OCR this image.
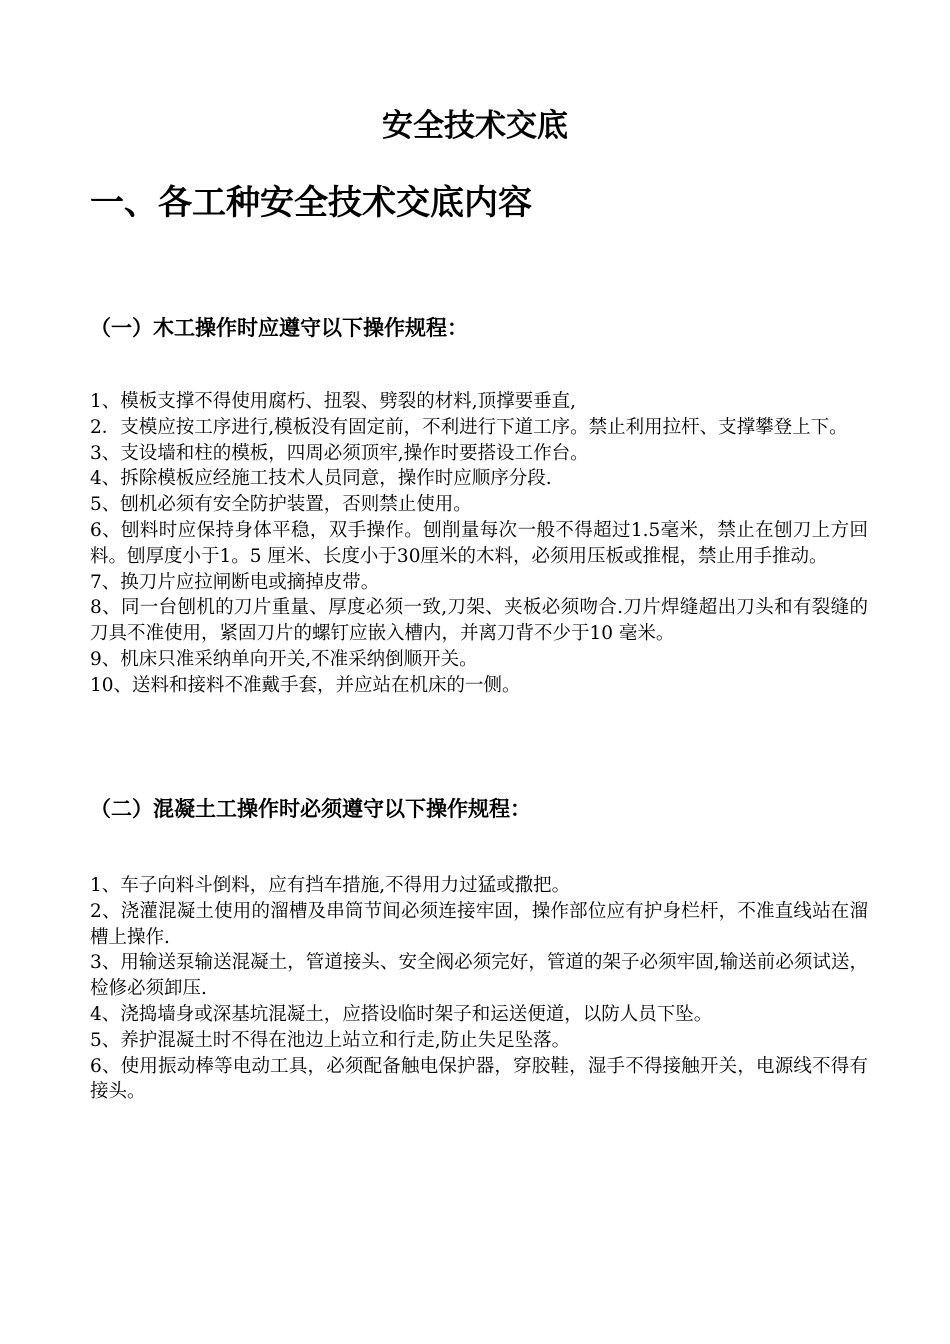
安全技术交底
一、各工种安全技术交底内容
（一）木工操作时应遵守以下操作规程：
1、模板支撑不得使用腐朽、扭裂、劈裂的材料,顶撑要垂直,
2．支模应按工序进行,模板没有固定前，不利进行下道工序。禁止利用拉杆、支撑攀登上下。
3、支设墙和柱的模板，四周必须顶牢,操作时要搭设工作台。
4、拆除模板应经施工技术人员同意，操作时应顺序分段.
5、刨机必须有安全防护装置，否则禁止使用。
6、刨料时应保持身体平稳，双手操作。刨削量每次一般不得超过1.5毫米，禁止在刨刀上方回料。刨厚度小于1。5 厘米、长度小于30厘米的木料，必须用压板或推棍，禁止用手推动。
7、换刀片应拉闸断电或摘掉皮带。
8、同一台刨机的刀片重量、厚度必须一致,刀架、夹板必须吻合.刀片焊缝超出刀头和有裂缝的刀具不准使用，紧固刀片的螺钉应嵌入槽内，并离刀背不少于10 毫米。
9、机床只准采纳单向开关,不准采纳倒顺开关。
10、送料和接料不准戴手套，并应站在机床的一侧。
（二）混凝土工操作时必须遵守以下操作规程：
1、车子向料斗倒料，应有挡车措施,不得用力过猛或撒把。
2、浇灌混凝土使用的溜槽及串筒节间必须连接牢固，操作部位应有护身栏杆，不准直线站在溜槽上操作.
3、用输送泵输送混凝土，管道接头、安全阀必须完好，管道的架子必须牢固,输送前必须试送，检修必须卸压.
4、浇捣墙身或深基坑混凝土，应搭设临时架子和运送便道，以防人员下坠。
5、养护混凝土时不得在池边上站立和行走,防止失足坠落。
6、使用振动棒等电动工具，必须配备触电保护器，穿胶鞋，湿手不得接触开关，电源线不得有接头。
